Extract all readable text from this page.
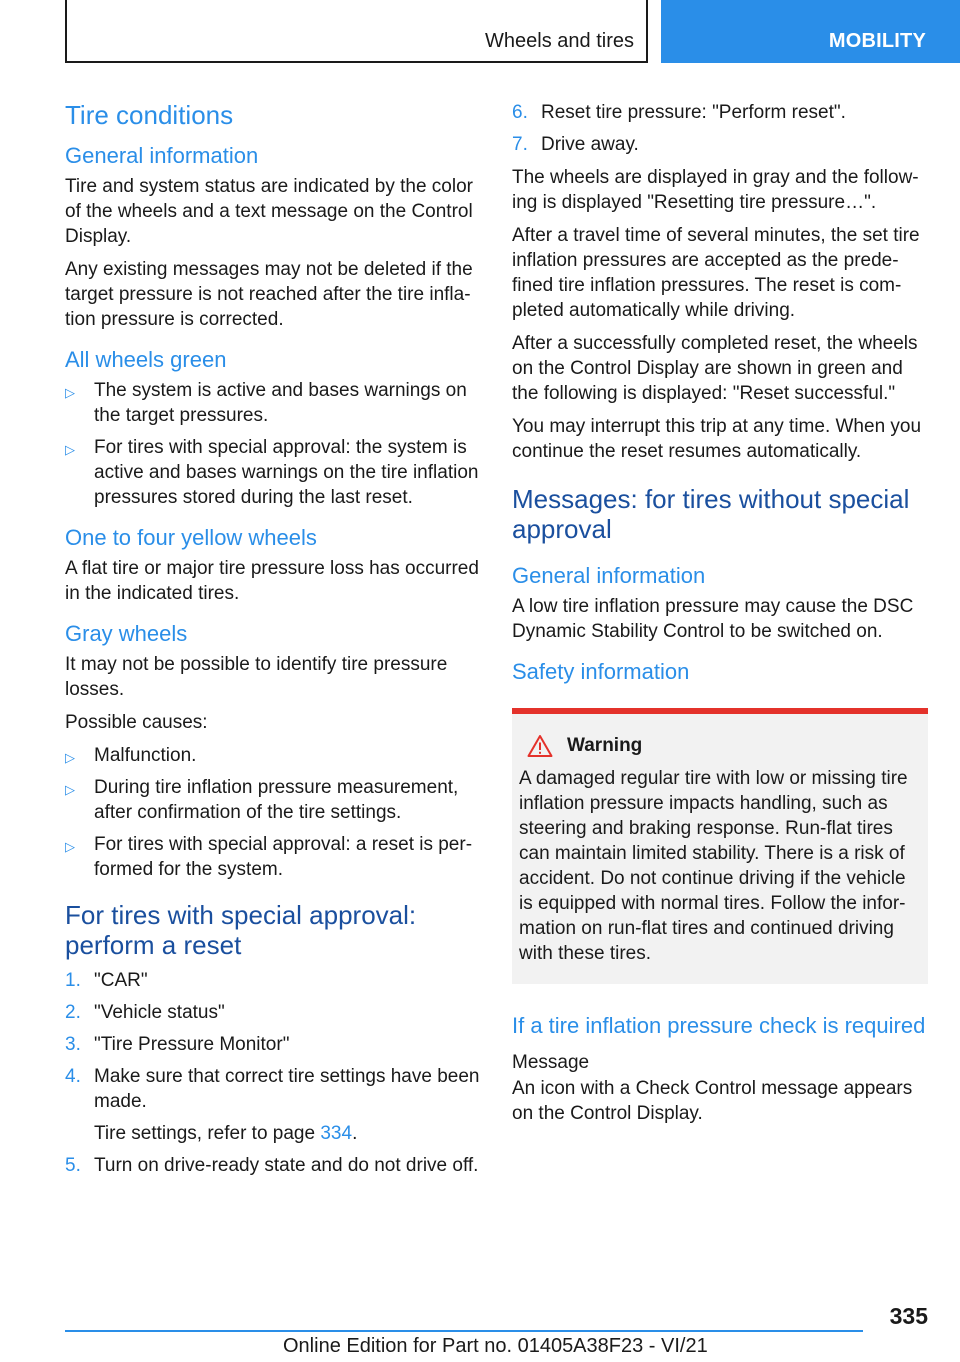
Wheels and tires	MOBILITY
Tire conditions
General information

Tire and system status are indicated by the color of the wheels and a text message on the Control Display.

Any existing messages may not be deleted if the target pressure is not reached after the tire infla-tion pressure is corrected.

All wheels green
▷ The system is active and bases warnings on the target pressures.
▷ For tires with special approval: the system is active and bases warnings on the tire inflation pressures stored during the last reset.
One to four yellow wheels

A flat tire or major tire pressure loss has occurred in the indicated tires.

Gray wheels

It may not be possible to identify tire pressure losses.

Possible causes:

▷ Malfunction.
▷ During tire inflation pressure measurement, after confirmation of the tire settings.
▷ For tires with special approval: a reset is per-formed for the system.
For tires with special approval: perform a reset
1. "CAR"
2. "Vehicle status"
3. "Tire Pressure Monitor"
4. Make sure that correct tire settings have been made.
Tire settings, refer to page 334.
5. Turn on drive-ready state and do not drive off.
6. Reset tire pressure: "Perform reset".
7. Drive away.

The wheels are displayed in gray and the follow-ing is displayed "Resetting tire pressure…".

After a travel time of several minutes, the set tire inflation pressures are accepted as the prede-fined tire inflation pressures. The reset is com-pleted automatically while driving.

After a successfully completed reset, the wheels on the Control Display are shown in green and the following is displayed: "Reset successful."

You may interrupt this trip at any time. When you continue the reset resumes automatically.

Messages: for tires without special approval
General information

A low tire inflation pressure may cause the DSC Dynamic Stability Control to be switched on.

Safety information
Warning

A damaged regular tire with low or missing tire inflation pressure impacts handling, such as steering and braking response. Run-flat tires can maintain limited stability. There is a risk of accident. Do not continue driving if the vehicle is equipped with normal tires. Follow the infor-mation on run-flat tires and continued driving with these tires.

If a tire inflation pressure check is required
Message

An icon with a Check Control message appears on the Control Display.

335
Online Edition for Part no. 01405A38F23 - VI/21
